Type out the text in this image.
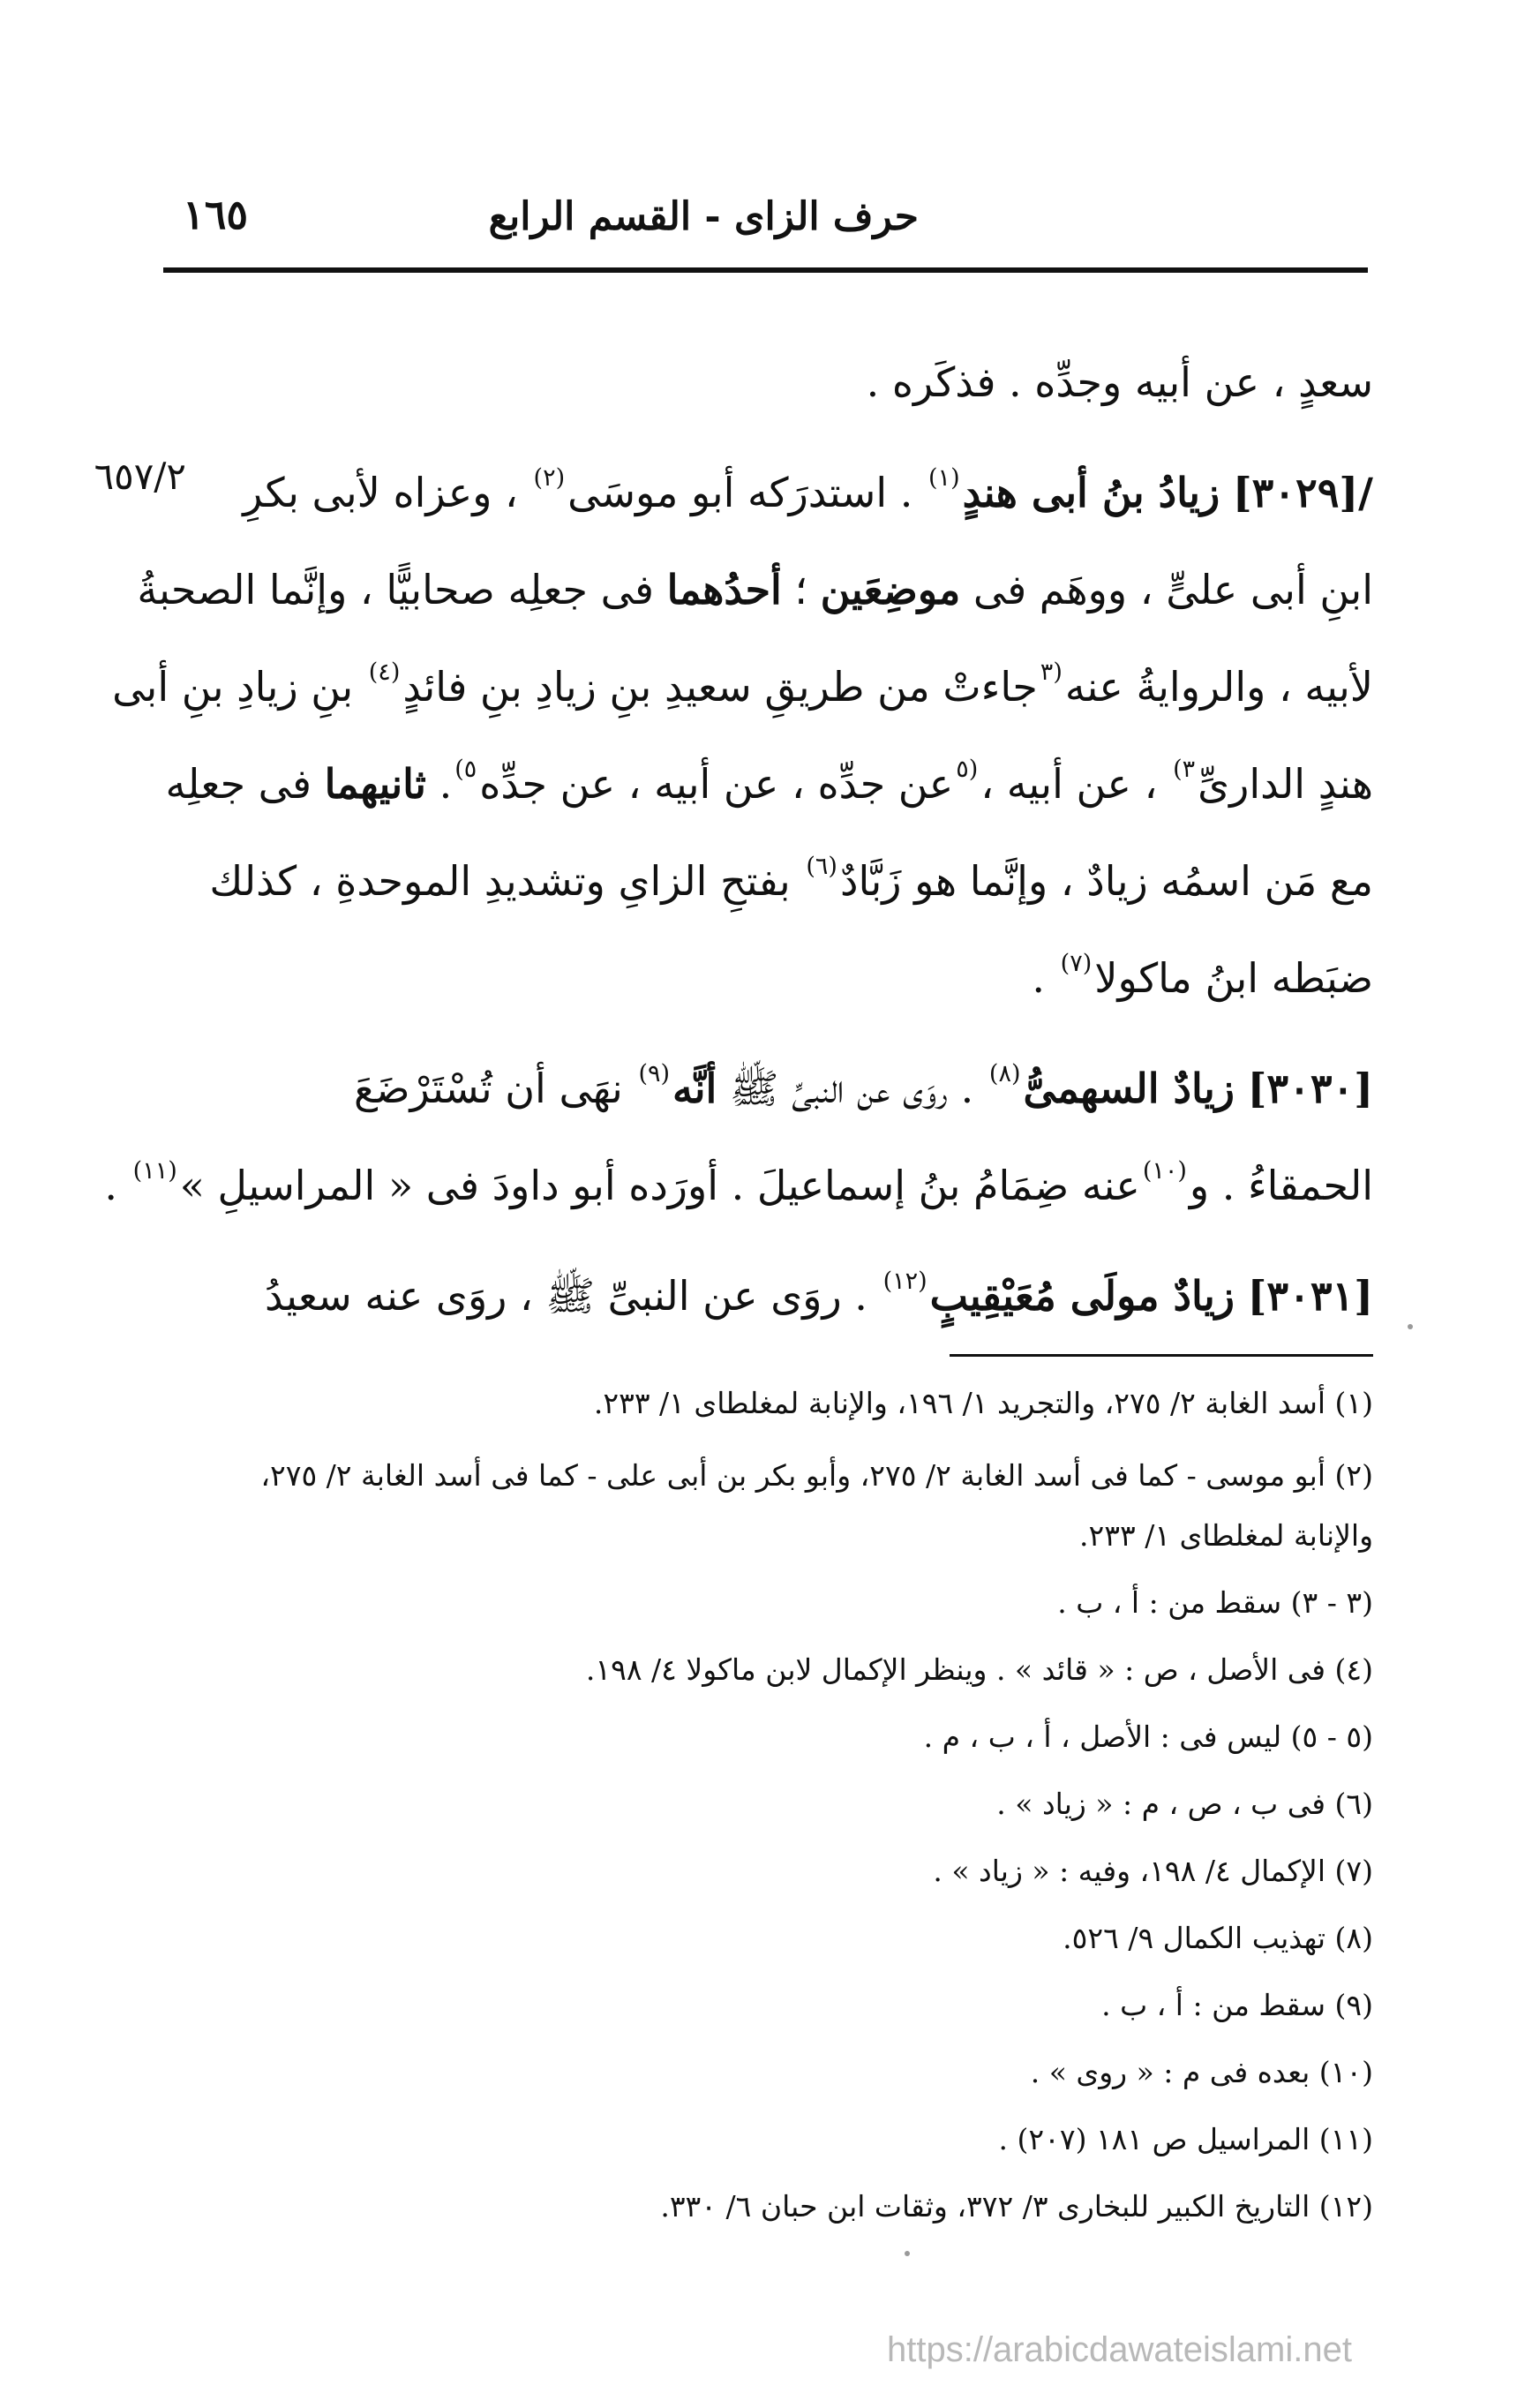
حرف الزاى - القسم الرابع
١٦٥
٦٥٧/٢
سعدٍ ، عن أبيه وجدِّه . فذكَره .
/[٣٠٢٩] زيادُ بنُ أبى هندٍ$^{(١)}$ . استدرَكه أبو موسَى$^{(٢)}$ ، وعزاه لأبى بكرِ
ابنِ أبى علىٍّ ، ووهَم فى موضِعَين ؛ أحدُهما فى جعلِه صحابيًّا ، وإنَّما الصحبةُ
لأبيه ، والروايةُ عنه$^{(٣}$جاءتْ من طريقِ سعيدِ بنِ زيادِ بنِ فائدٍ$^{(٤)}$ بنِ زيادِ بنِ أبى
هندٍ الدارىِّ$^{٣)}$ ، عن أبيه ،$^{(٥}$عن جدِّه ، عن أبيه ، عن جدِّه$^{٥)}$. ثانيهما فى جعلِه
مع مَن اسمُه زيادٌ ، وإنَّما هو زَبَّادٌ$^{(٦)}$ بفتحِ الزاىِ وتشديدِ الموحدةِ ، كذلك
ضبَطه ابنُ ماكولا$^{(٧)}$ .
[٣٠٣٠] زيادٌ السهمىُّ$^{(٨)}$ . روَى عن النبىِّ ﷺ أنَّه$^{(٩)}$ نهَى أن تُسْتَرْضَعَ
الحمقاءُ . و$^{(١٠)}$عنه ضِمَامُ بنُ إسماعيلَ . أورَده أبو داودَ فى « المراسيلِ »$^{(١١)}$ .
[٣٠٣١] زيادٌ مولَى مُعَيْقِيبٍ$^{(١٢)}$ . روَى عن النبىِّ ﷺ ، روَى عنه سعيدُ
(١) أسد الغابة ٢/ ٢٧٥، والتجريد ١/ ١٩٦، والإنابة لمغلطاى ١/ ٢٣٣.
(٢) أبو موسى - كما فى أسد الغابة ٢/ ٢٧٥، وأبو بكر بن أبى على - كما فى أسد الغابة ٢/ ٢٧٥،
والإنابة لمغلطاى ١/ ٢٣٣.
(٣ - ٣) سقط من : أ ، ب .
(٤) فى الأصل ، ص : « قائد » . وينظر الإكمال لابن ماكولا ٤/ ١٩٨.
(٥ - ٥) ليس فى : الأصل ، أ ، ب ، م .
(٦) فى ب ، ص ، م : « زياد » .
(٧) الإكمال ٤/ ١٩٨، وفيه : « زياد » .
(٨) تهذيب الكمال ٩/ ٥٢٦.
(٩) سقط من : أ ، ب .
(١٠) بعده فى م : « روى » .
(١١) المراسيل ص ١٨١ (٢٠٧) .
(١٢) التاريخ الكبير للبخارى ٣/ ٣٧٢، وثقات ابن حبان ٦/ ٣٣٠.
https://arabicdawateislami.net
